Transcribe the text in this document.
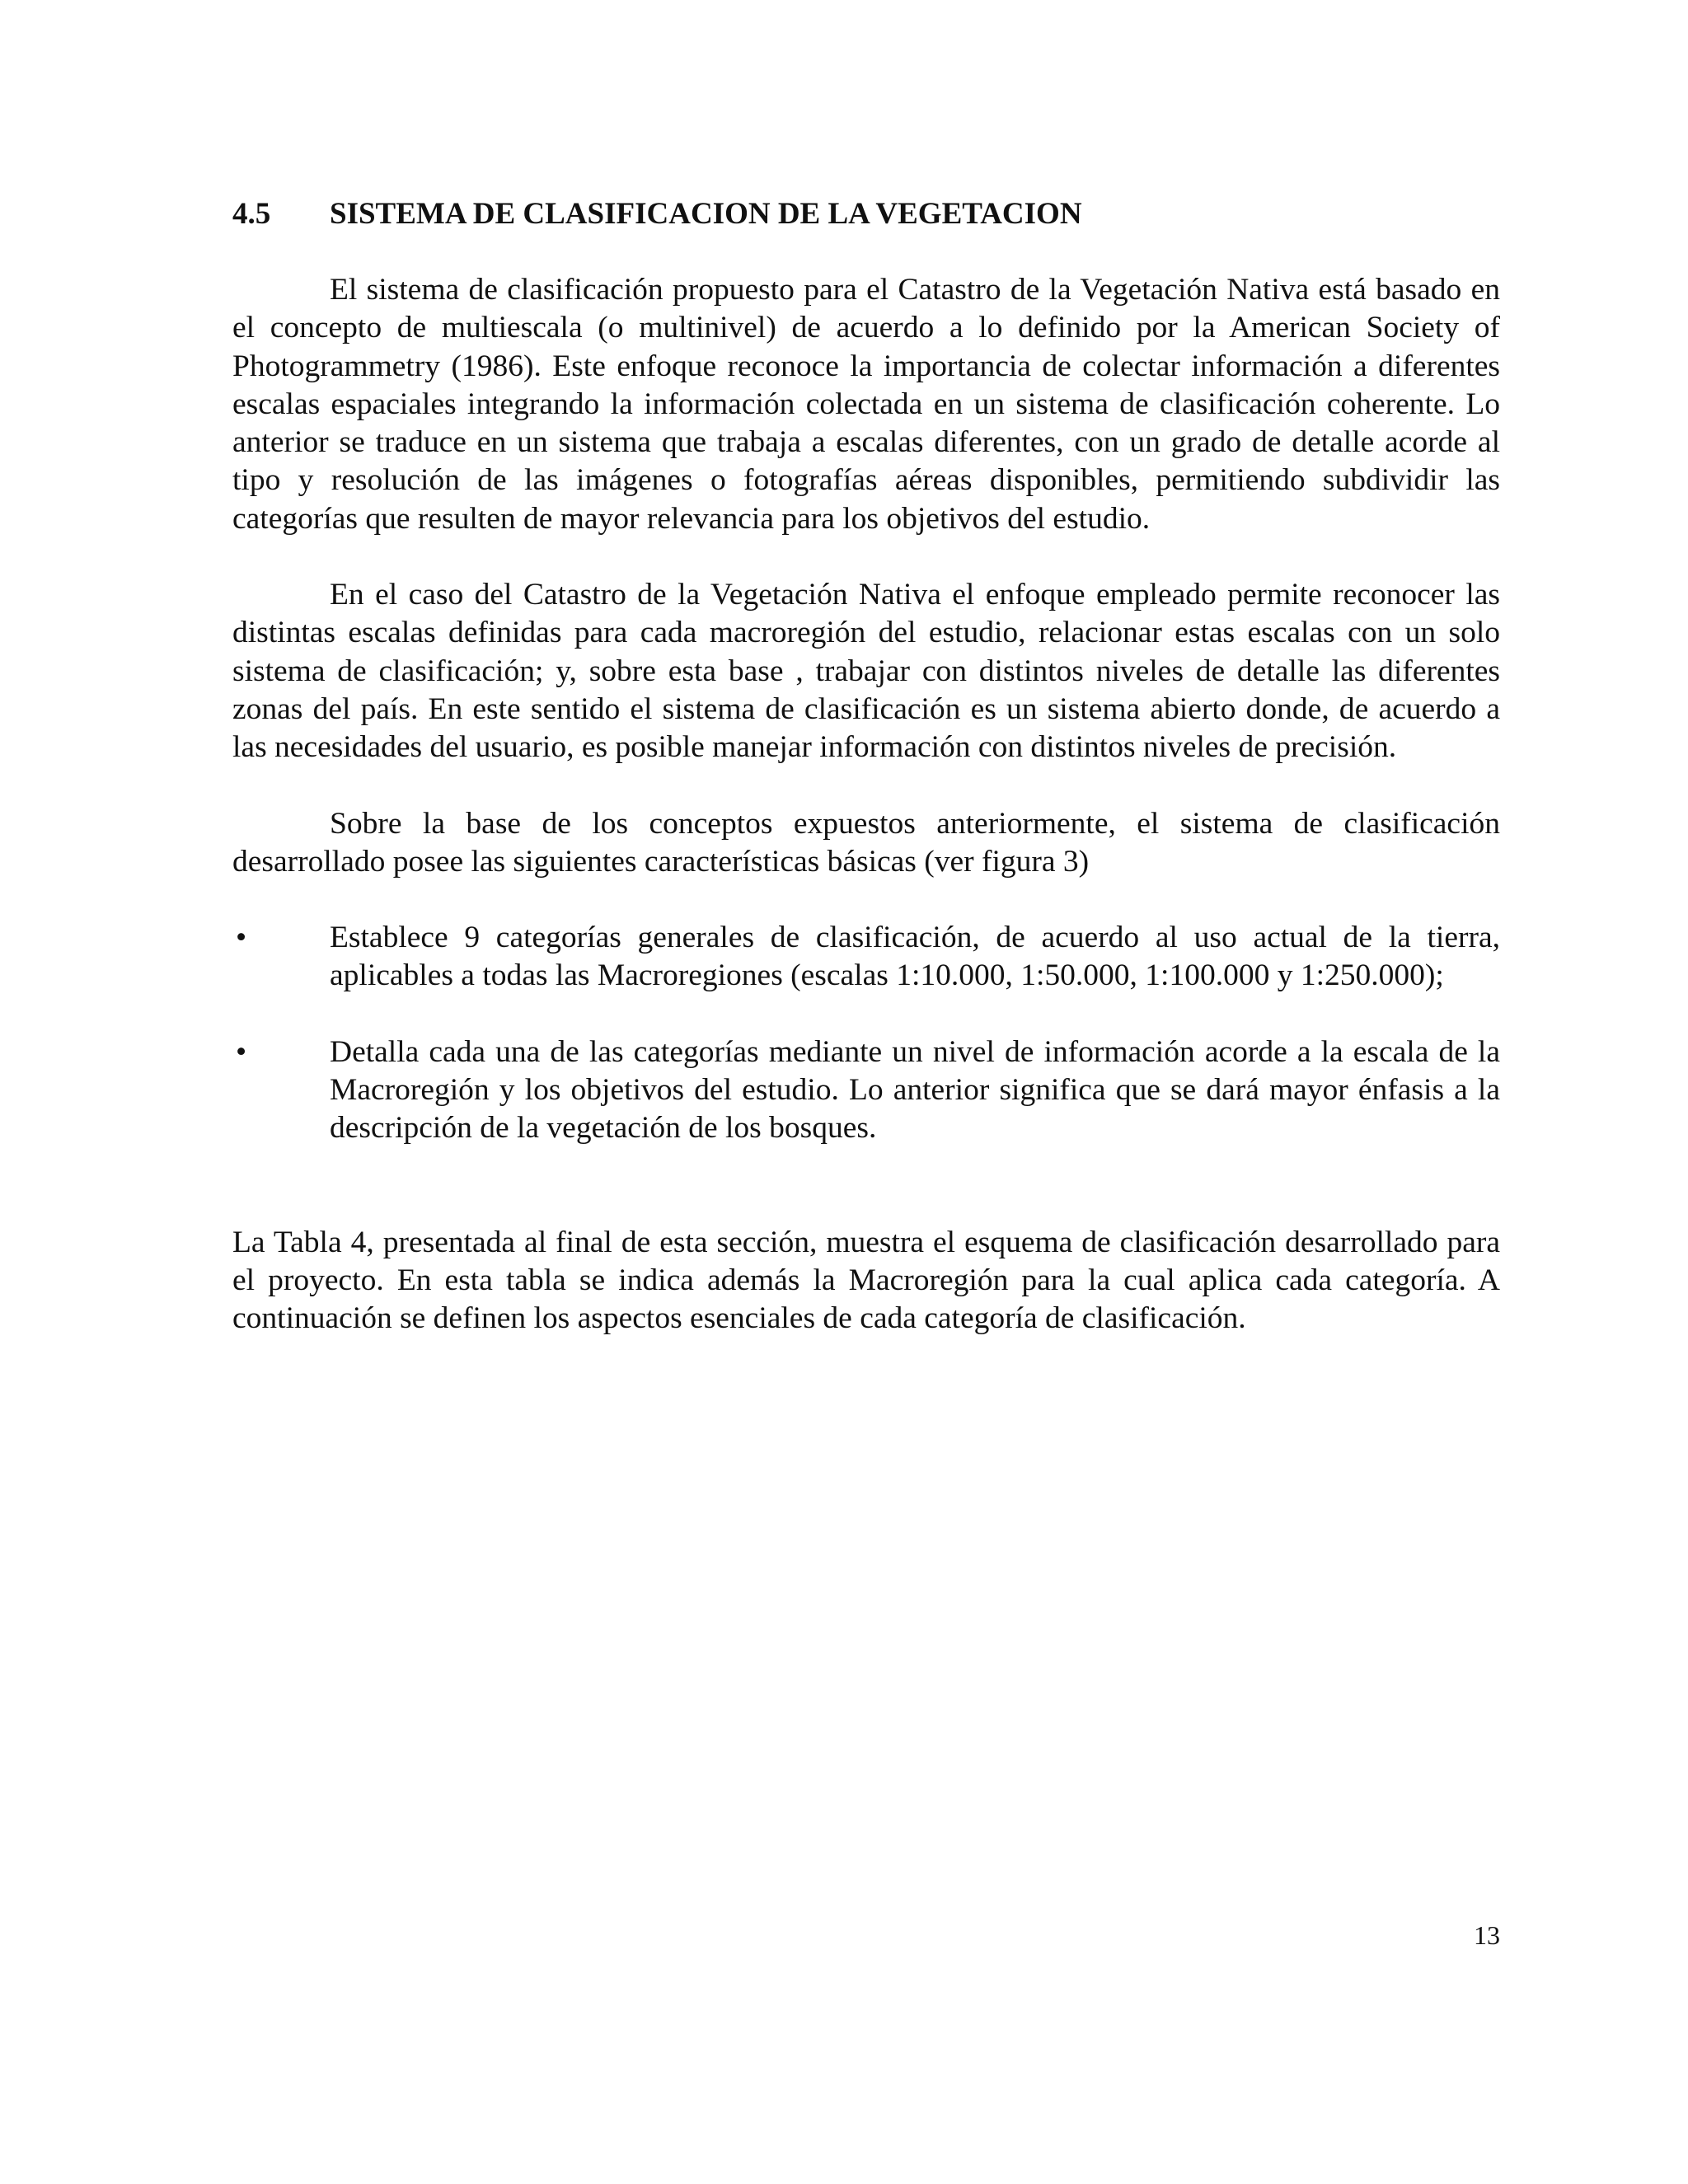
4.5 SISTEMA DE CLASIFICACION DE LA VEGETACION

El sistema de clasificación propuesto para el Catastro de la Vegetación Nativa está basado en el concepto de multiescala (o multinivel) de acuerdo a lo definido por la American Society of Photogrammetry (1986). Este enfoque reconoce la importancia de colectar información a diferentes escalas espaciales integrando la información colectada en un sistema de clasificación coherente. Lo anterior se traduce en un sistema que trabaja a escalas diferentes, con un grado de detalle acorde al tipo y resolución de las imágenes o fotografías aéreas disponibles, permitiendo subdividir las categorías que resulten de mayor relevancia para los objetivos del estudio.

En el caso del Catastro de la Vegetación Nativa el enfoque empleado permite reconocer las distintas escalas definidas para cada macroregión del estudio, relacionar estas escalas con un solo sistema de clasificación; y, sobre esta base , trabajar con distintos niveles de detalle las diferentes zonas del país. En este sentido el sistema de clasificación es un sistema abierto donde, de acuerdo a las necesidades del usuario, es posible manejar información con distintos niveles de precisión.

Sobre la base de los conceptos expuestos anteriormente, el sistema de clasificación desarrollado posee las siguientes características básicas (ver figura 3)

•	Establece 9 categorías generales de clasificación, de acuerdo al uso actual de la tierra, aplicables a todas las Macroregiones (escalas 1:10.000, 1:50.000, 1:100.000 y 1:250.000);
•	Detalla cada una de las categorías mediante un nivel de información acorde a la escala de la Macroregión y los objetivos del estudio. Lo anterior significa que se dará mayor énfasis a la descripción de la vegetación de los bosques.

La Tabla 4, presentada al final de esta sección, muestra el esquema de clasificación desarrollado para el proyecto. En esta tabla se indica además la Macroregión para la cual aplica cada categoría. A continuación se definen los aspectos esenciales de cada categoría de clasificación.

13
